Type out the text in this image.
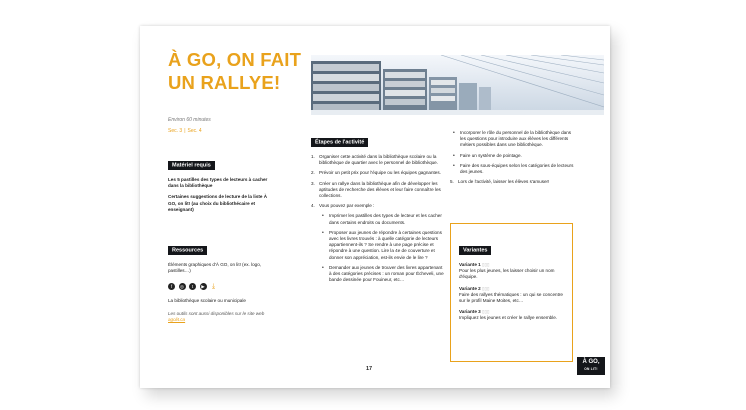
À GO, ON FAIT UN RALLYE!
Environ 60 minutes
Sec. 3 | Sec. 4
Matériel requis
Les 5 pastilles des types de lecteurs à cacher dans la bibliothèque
Certaines suggestions de lecture de la liste À GO, on lit! (au choix du bibliothécaire et enseignant)
Ressources
Éléments graphiques d'À GO, on lit! (ex. logo, pastilles…)
f ◎ t ▶ ⤓
La bibliothèque scolaire ou municipale
Les outils sont aussi disponibles sur le site web agolit.ca
Étapes de l'activité
1. Organiser cette activité dans la bibliothèque scolaire ou la bibliothèque de quartier avec le personnel de bibliothèque.
2. Prévoir un petit prix pour l'équipe ou les équipes gagnantes.
3. Créer un rallye dans la bibliothèque afin de développer les aptitudes de recherche des élèves et leur faire connaître les collections.
4. Vous pouvez par exemple :
• Imprimer les pastilles des types de lecteur et les cacher dans certains endroits ou documents.
• Proposer aux jeunes de répondre à certaines questions avec les livres trouvés : à quelle catégorie de lecteurs appartiennent-ils ? Se rendre à une page précise et répondre à une question. Lire la 4e de couverture et donner son appréciation, est-ils envie de le lire ?
• Demander aux jeunes de trouver des livres appartenant à des catégories précises : un roman pour Écheveli, une bande dessinée pour Fouineur, etc…
• Incorporer le rôle du personnel de la bibliothèque dans les questions pour introduire aux élèves les différents métiers possibles dans une bibliothèque.
• Faire un système de pointage.
• Faire des sous-équipes selon les catégories de lecteurs des jeunes.
5. Lors de l'activité, laisser les élèves s'amuser!
Variantes
Variante 1 ▯▯▯
Pour les plus jeunes, les laisser choisir un nom d'équipe.
Variante 2 ▯▯▯
Faire des rallyes thématiques : un qui se concentre sur le profil Maine Moites, etc…
Variante 3 ▯▯▯
Impliquez les jeunes et créer le rallye ensemble.
17
À GO,
ON LIT!
